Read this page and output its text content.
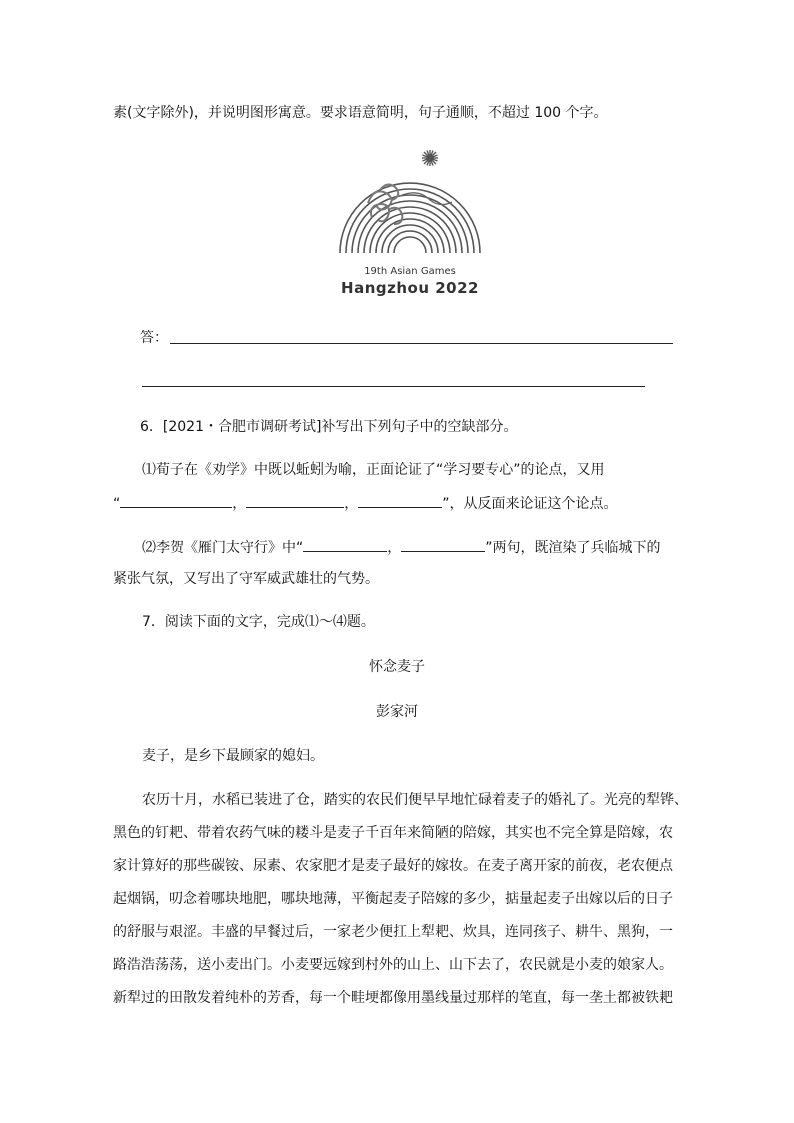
素(文字除外)，并说明图形寓意。要求语意简明，句子通顺，不超过 100 个字。
19th Asian Games
Hangzhou 2022
答：
6．[2021・合肥市调研考试]补写出下列句子中的空缺部分。
⑴荀子在《劝学》中既以蚯蚓为喻，正面论证了“学习要专心”的论点，又用
“	，	，	”，从反面来论证这个论点。
⑵李贺《雁门太守行》中“	，	”两句，既渲染了兵临城下的
紧张气氛，又写出了守军威武雄壮的气势。
7．阅读下面的文字，完成⑴～⑷题。
怀念麦子
彭家河
麦子，是乡下最顾家的媳妇。
农历十月，水稻已装进了仓，踏实的农民们便早早地忙碌着麦子的婚礼了。光亮的犁铧、
黑色的钉耙、带着农药气味的耧斗是麦子千百年来简陋的陪嫁，其实也不完全算是陪嫁，农
家计算好的那些碳铵、尿素、农家肥才是麦子最好的嫁妆。在麦子离开家的前夜，老农便点
起烟锅，叨念着哪块地肥，哪块地薄，平衡起麦子陪嫁的多少，掂量起麦子出嫁以后的日子
的舒服与艰涩。丰盛的早餐过后，一家老少便扛上犁耙、炊具，连同孩子、耕牛、黑狗，一
路浩浩荡荡，送小麦出门。小麦要远嫁到村外的山上、山下去了，农民就是小麦的娘家人。
新犁过的田散发着纯朴的芳香，每一个畦埂都像用墨线量过那样的笔直，每一垄土都被铁耙
